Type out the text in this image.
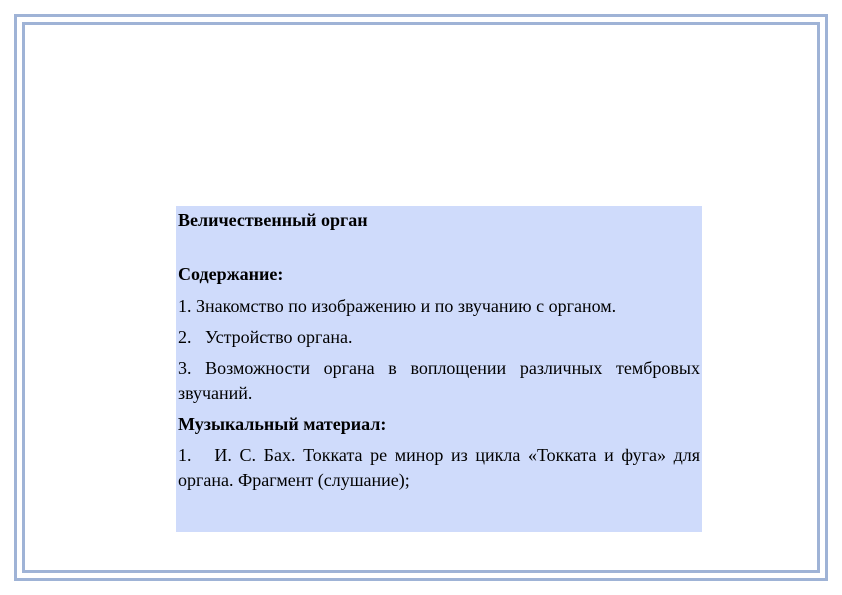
Величественный орган

Содержание:

1. Знакомство по изображению и по звучанию с органом.

2.   Устройство органа.

3. Возможности органа в воплощении различных тембровых звучаний.

Музыкальный материал:

1.   И. С. Бах. Токката ре минор из цикла «Токката и фуга» для органа. Фрагмент (слушание);
